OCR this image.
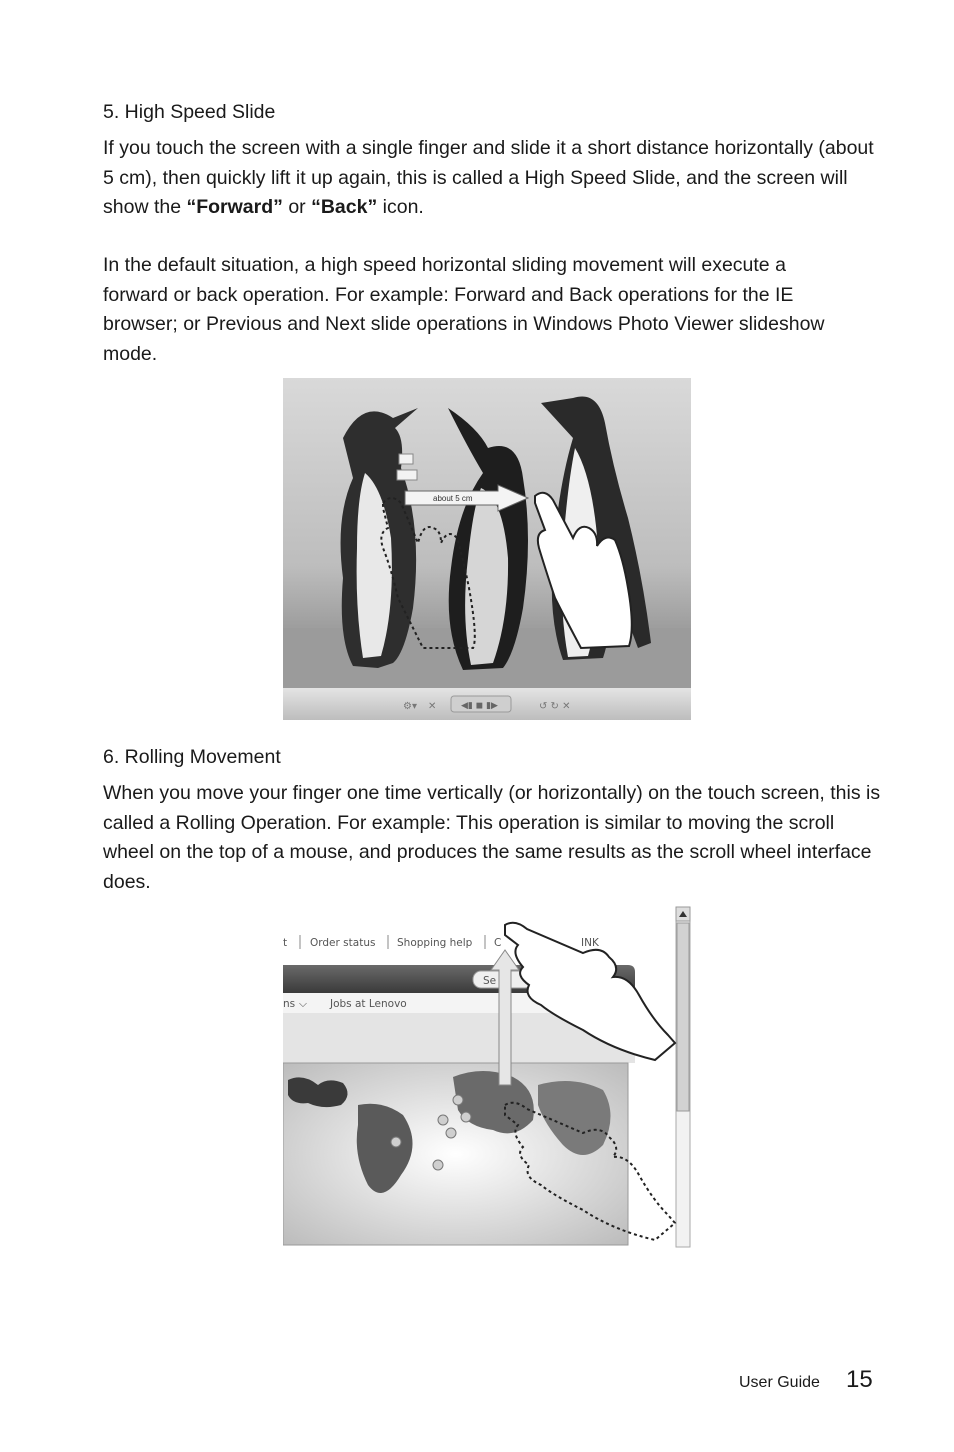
5. High Speed Slide

If you touch the screen with a single finger and slide it a short distance horizontally (about 5 cm), then quickly lift it up again, this is called a High Speed Slide, and the screen will show the “Forward” or “Back” icon.

In the default situation, a high speed horizontal sliding movement will execute a forward or back operation. For example: Forward and Back operations for the IE browser; or Previous and Next slide operations in Windows Photo Viewer slideshow mode.

⚙▾ ✕	◀▮ ◼ ▮▶	↺ ↻ ✕
about 5 cm
6. Rolling Movement

When you move your finger one time vertically (or horizontally) on the touch screen, this is called a Rolling Operation. For example: This operation is similar to moving the scroll wheel on the top of a mouse, and produces the same results as the scroll wheel interface does.

t Order status Shopping help C	INK
Se
ns ⌵ Jobs at Lenovo
User Guide 15
